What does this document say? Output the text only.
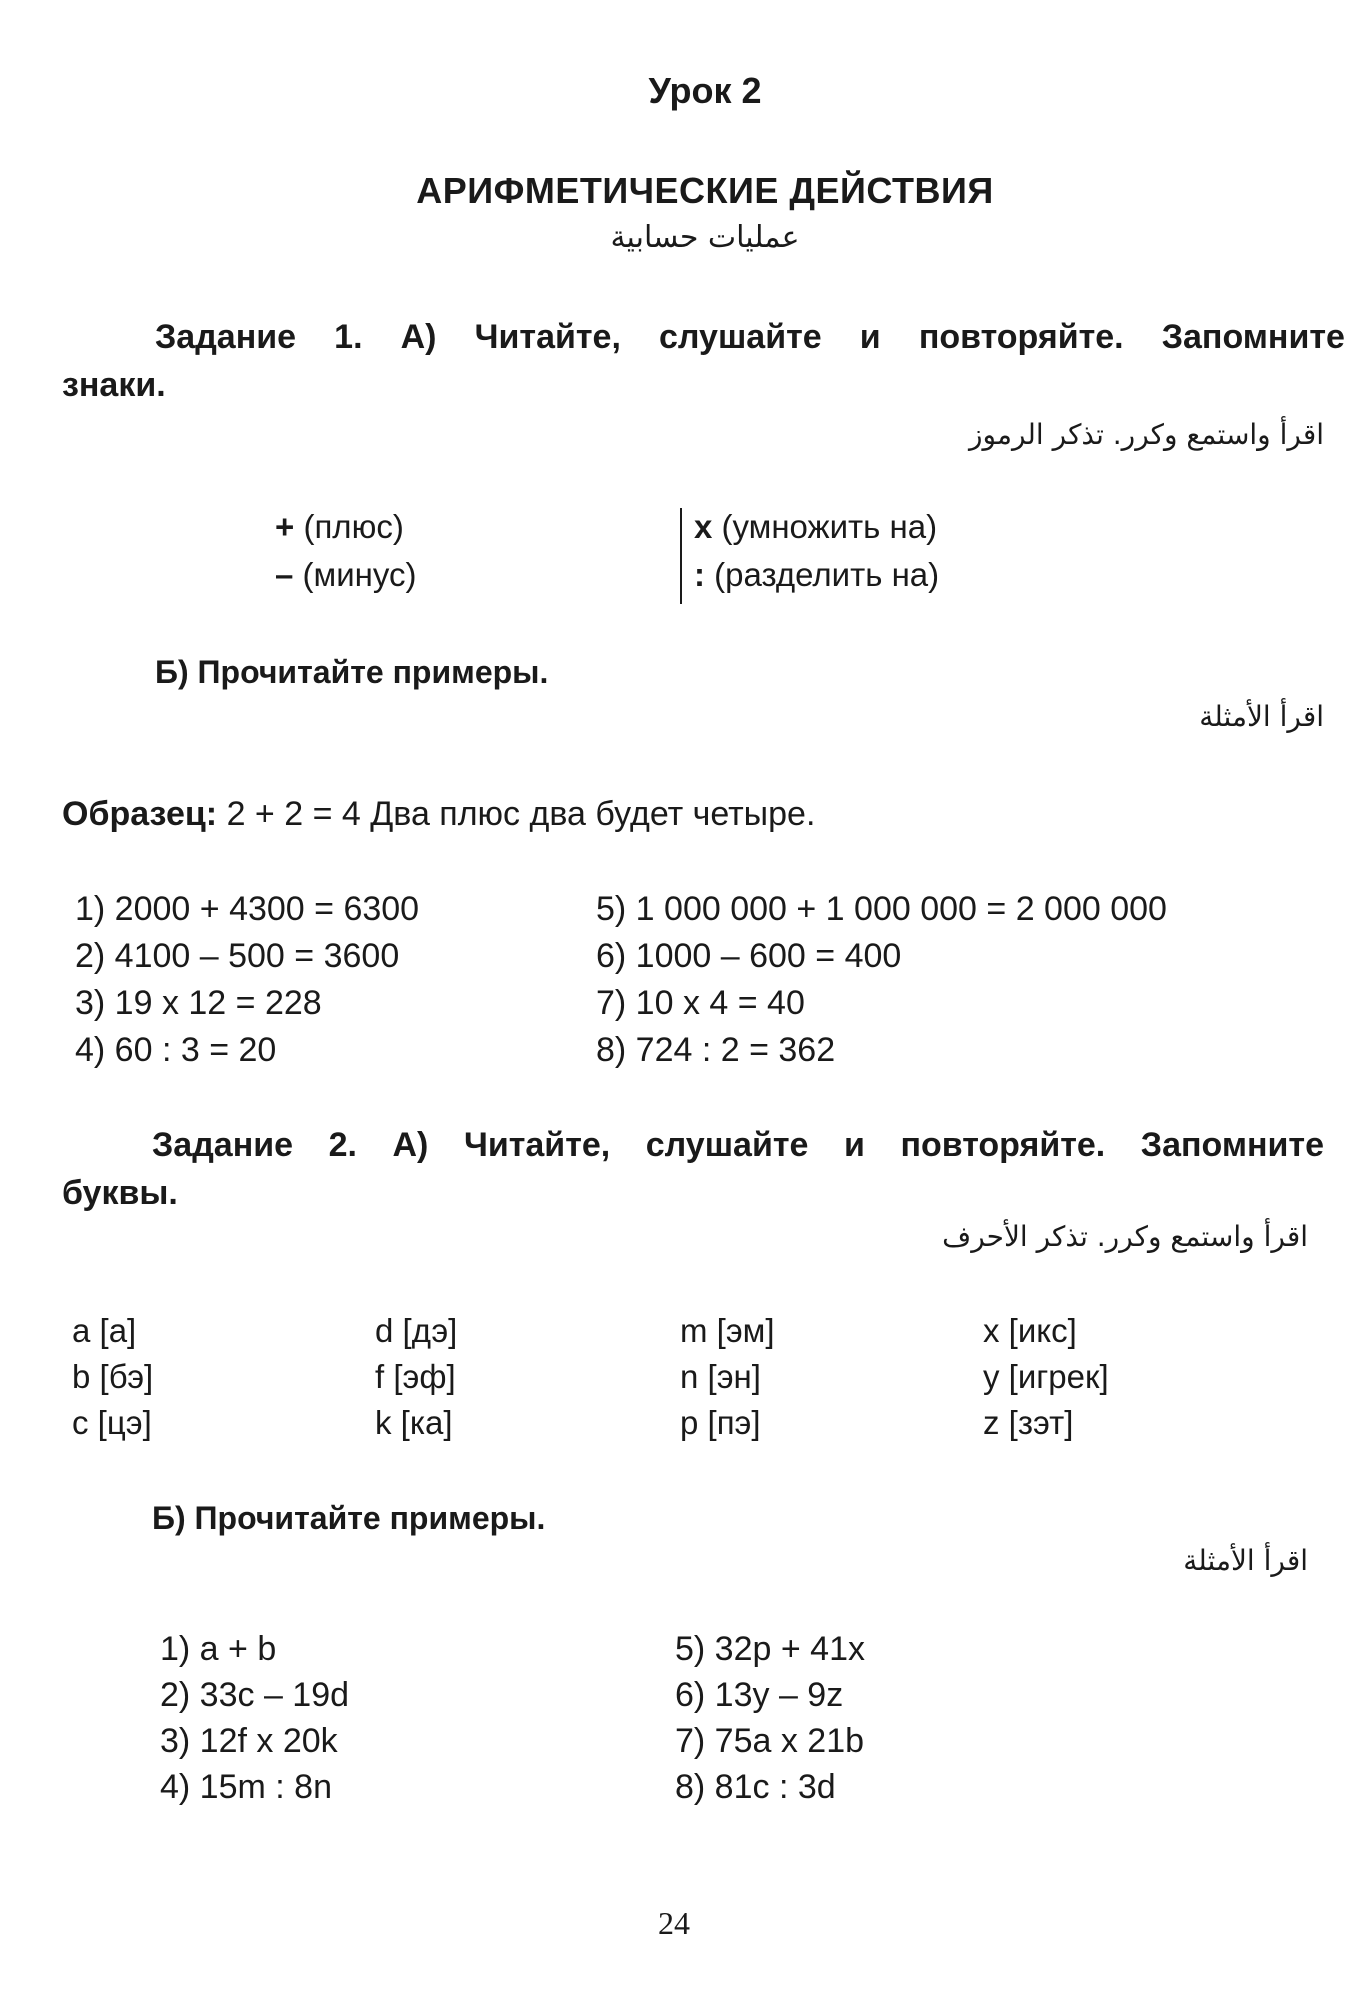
Урок 2
АРИФМЕТИЧЕСКИЕ ДЕЙСТВИЯ
عمليات حسابية
Задание 1. А) Читайте, слушайте и повторяйте. Запомните
знаки.
اقرأ واستمع وكرر. تذكر الرموز
+ (плюс)
– (минус)
x (умножить на)
: (разделить на)
Б) Прочитайте примеры.
اقرأ الأمثلة
Образец: 2 + 2 = 4 Два плюс два будет четыре.
1) 2000 + 4300 = 6300
2) 4100 – 500 = 3600
3) 19 x 12 = 228
4) 60 : 3 = 20
5) 1 000 000 + 1 000 000 = 2 000 000
6) 1000 – 600 = 400
7) 10 x 4 = 40
8) 724 : 2 = 362
Задание 2. А) Читайте, слушайте и повторяйте. Запомните
буквы.
اقرأ واستمع وكرر. تذكر الأحرف
a [а]
b [бэ]
c [цэ]
d [дэ]
f [эф]
k [ка]
m [эм]
n [эн]
p [пэ]
x [икс]
y [игрек]
z [зэт]
Б) Прочитайте примеры.
اقرأ الأمثلة
1) a + b
2) 33c – 19d
3) 12f x 20k
4) 15m : 8n
5) 32p + 41x
6) 13y – 9z
7) 75a x 21b
8) 81c : 3d
24
